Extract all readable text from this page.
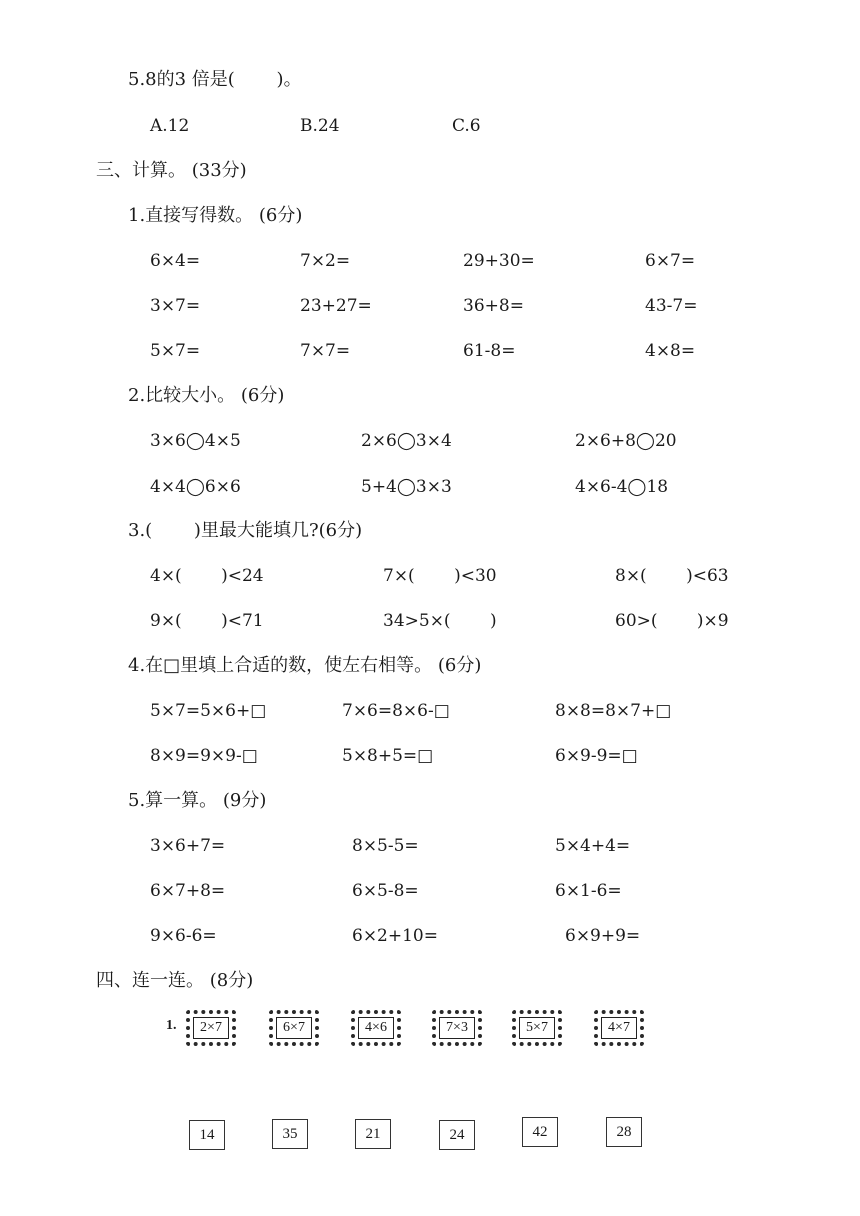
5.8的3 倍是(　　 )。
A.12	B.24	C.6
三、计算。 (33分)
1.直接写得数。 (6分)
6×4=	7×2=	29+30=	6×7=
3×7=	23+27=	36+8=	43-7=
5×7=	7×7=	61-8=	4×8=
2.比较大小。 (6分)
3×6◯4×5	2×6◯3×4	2×6+8◯20
4×4◯6×6	5+4◯3×3	4×6-4◯18
3.(　　 )里最大能填几?(6分)
4×(　　 )<24	7×(　　 )<30	8×(　　 )<63
9×(　　 )<71	34>5×(　　 )	60>(　　 )×9
4.在□里填上合适的数，使左右相等。 (6分)
5×7=5×6+□	7×6=8×6-□	8×8=8×7+□
8×9=9×9-□	5×8+5=□	6×9-9=□
5.算一算。 (9分)
3×6+7=	8×5-5=	5×4+4=
6×7+8=	6×5-8=	6×1-6=
9×6-6=	6×2+10=	6×9+9=
四、连一连。 (8分)
1.	2×7	6×7	4×6	7×3	5×7	4×7
14	35	21	24	42	28
